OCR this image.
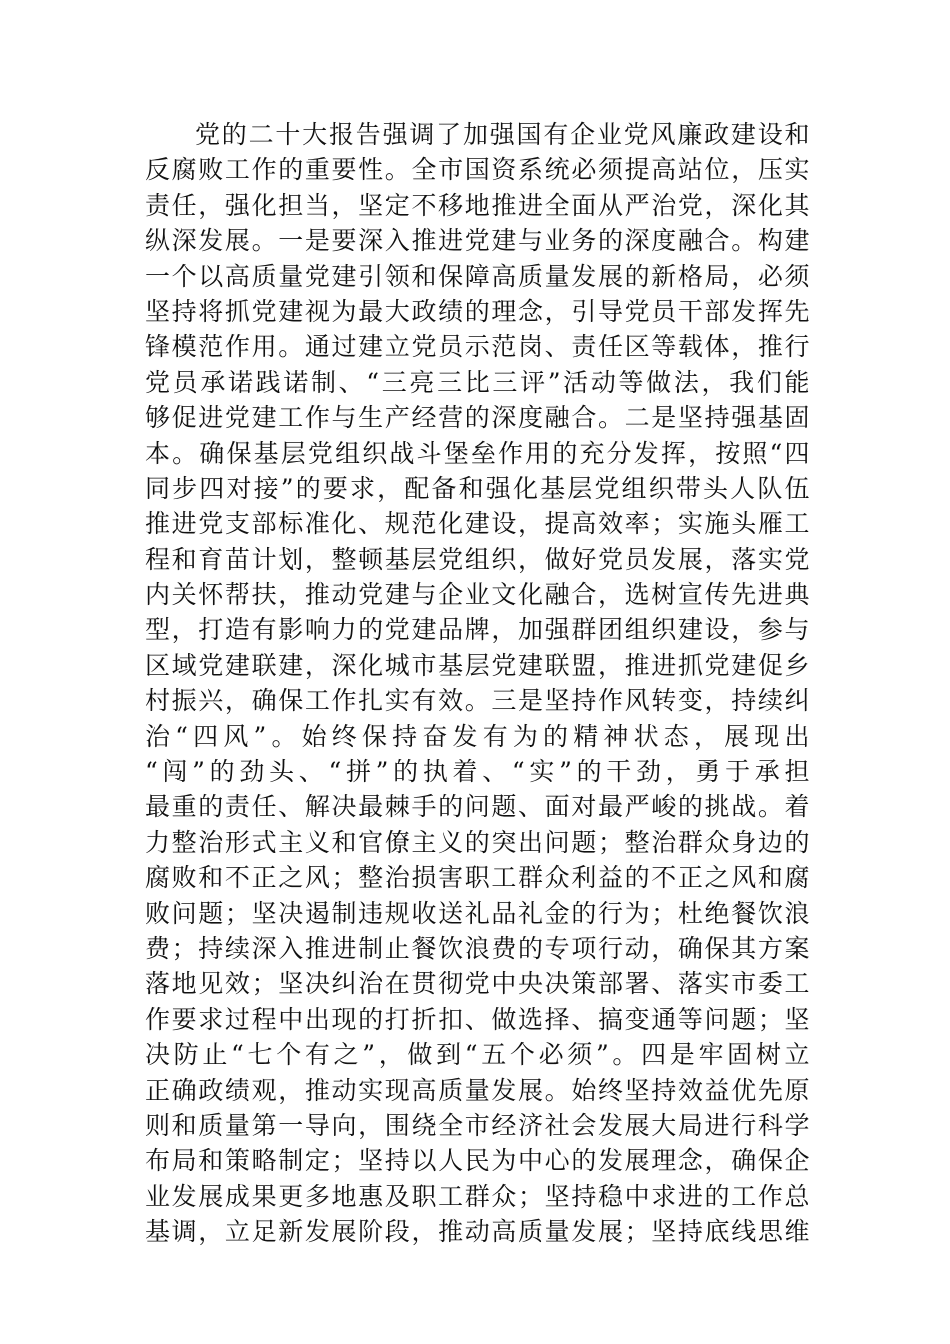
党的二十大报告强调了加强国有企业党风廉政建设和
反腐败工作的重要性。全市国资系统必须提高站位，压实
责任，强化担当，坚定不移地推进全面从严治党，深化其
纵深发展。一是要深入推进党建与业务的深度融合。构建
一个以高质量党建引领和保障高质量发展的新格局，必须
坚持将抓党建视为最大政绩的理念，引导党员干部发挥先
锋模范作用。通过建立党员示范岗、责任区等载体，推行
党员承诺践诺制、“三亮三比三评”活动等做法，我们能
够促进党建工作与生产经营的深度融合。二是坚持强基固
本。确保基层党组织战斗堡垒作用的充分发挥，按照“四
同步四对接”的要求，配备和强化基层党组织带头人队伍
推进党支部标准化、规范化建设，提高效率；实施头雁工
程和育苗计划，整顿基层党组织，做好党员发展，落实党
内关怀帮扶，推动党建与企业文化融合，选树宣传先进典
型，打造有影响力的党建品牌，加强群团组织建设，参与
区域党建联建，深化城市基层党建联盟，推进抓党建促乡
村振兴，确保工作扎实有效。三是坚持作风转变，持续纠
治“四风”。始终保持奋发有为的精神状态，展现出
“闯”的劲头、“拼”的执着、“实”的干劲，勇于承担
最重的责任、解决最棘手的问题、面对最严峻的挑战。着
力整治形式主义和官僚主义的突出问题；整治群众身边的
腐败和不正之风；整治损害职工群众利益的不正之风和腐
败问题；坚决遏制违规收送礼品礼金的行为；杜绝餐饮浪
费；持续深入推进制止餐饮浪费的专项行动，确保其方案
落地见效；坚决纠治在贯彻党中央决策部署、落实市委工
作要求过程中出现的打折扣、做选择、搞变通等问题；坚
决防止“七个有之”，做到“五个必须”。四是牢固树立
正确政绩观，推动实现高质量发展。始终坚持效益优先原
则和质量第一导向，围绕全市经济社会发展大局进行科学
布局和策略制定；坚持以人民为中心的发展理念，确保企
业发展成果更多地惠及职工群众；坚持稳中求进的工作总
基调，立足新发展阶段，推动高质量发展；坚持底线思维
